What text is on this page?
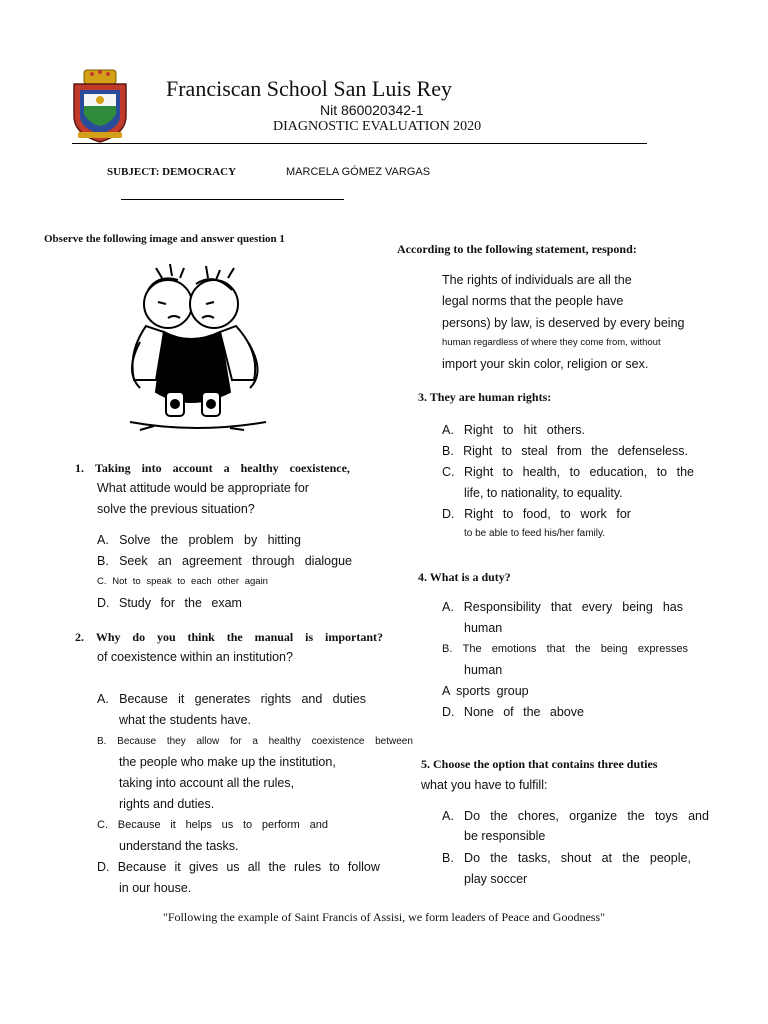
Franciscan School San Luis Rey
Nit 860020342-1
DIAGNOSTIC EVALUATION 2020
SUBJECT: DEMOCRACY	MARCELA GÓMEZ VARGAS
Observe the following image and answer question 1
1. Taking into account a healthy coexistence,
What attitude would be appropriate for
solve the previous situation?
A. Solve the problem by hitting
B. Seek an agreement through dialogue
C. Not to speak to each other again
D. Study for the exam
2. Why do you think the manual is important?
of coexistence within an institution?
A. Because it generates rights and duties
what the students have.
B. Because they allow for a healthy coexistence between
the people who make up the institution,
taking into account all the rules,
rights and duties.
C. Because it helps us to perform and
understand the tasks.
D. Because it gives us all the rules to follow
in our house.
According to the following statement, respond:
The rights of individuals are all the
legal norms that the people have
persons) by law, is deserved by every being
human regardless of where they come from, without
import your skin color, religion or sex.
3. They are human rights:
A. Right to hit others.
B. Right to steal from the defenseless.
C. Right to health, to education, to the
life, to nationality, to equality.
D. Right to food, to work for
to be able to feed his/her family.
4. What is a duty?
A. Responsibility that every being has
human
B. The emotions that the being expresses
human
A sports group
D. None of the above
5. Choose the option that contains three duties
what you have to fulfill:
A. Do the chores, organize the toys and
be responsible
B. Do the tasks, shout at the people,
play soccer
"Following the example of Saint Francis of Assisi, we form leaders of Peace and Goodness"
